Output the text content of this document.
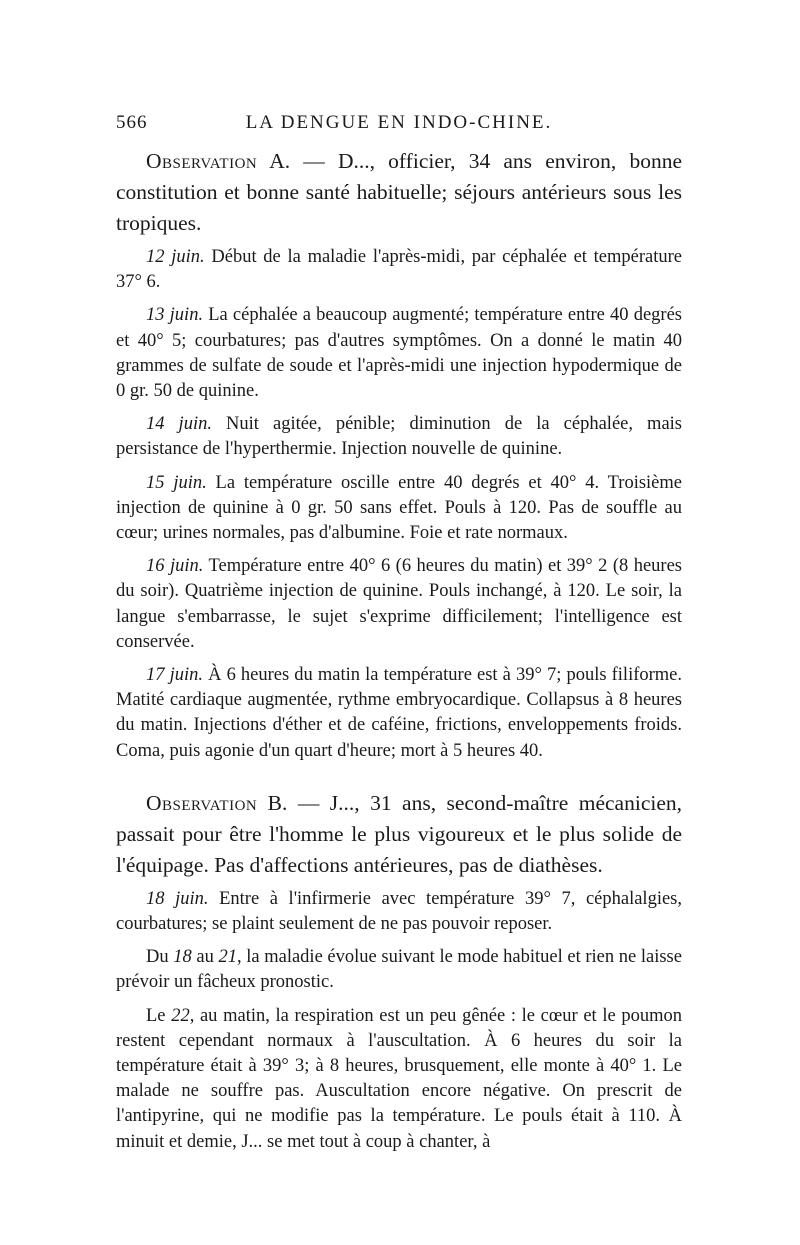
566	LA DENGUE EN INDO-CHINE.

Observation A. — D..., officier, 34 ans environ, bonne constitution et bonne santé habituelle; séjours antérieurs sous les tropiques.

12 juin. Début de la maladie l'après-midi, par céphalée et température 37° 6.

13 juin. La céphalée a beaucoup augmenté; température entre 40 degrés et 40° 5; courbatures; pas d'autres symptômes. On a donné le matin 40 grammes de sulfate de soude et l'après-midi une injection hypodermique de 0 gr. 50 de quinine.

14 juin. Nuit agitée, pénible; diminution de la céphalée, mais persistance de l'hyperthermie. Injection nouvelle de quinine.

15 juin. La température oscille entre 40 degrés et 40° 4. Troisième injection de quinine à 0 gr. 50 sans effet. Pouls à 120. Pas de souffle au cœur; urines normales, pas d'albumine. Foie et rate normaux.

16 juin. Température entre 40° 6 (6 heures du matin) et 39° 2 (8 heures du soir). Quatrième injection de quinine. Pouls inchangé, à 120. Le soir, la langue s'embarrasse, le sujet s'exprime difficilement; l'intelligence est conservée.

17 juin. À 6 heures du matin la température est à 39° 7; pouls filiforme. Matité cardiaque augmentée, rythme embryocardique. Collapsus à 8 heures du matin. Injections d'éther et de caféine, frictions, enveloppements froids. Coma, puis agonie d'un quart d'heure; mort à 5 heures 40.

Observation B. — J..., 31 ans, second-maître mécanicien, passait pour être l'homme le plus vigoureux et le plus solide de l'équipage. Pas d'affections antérieures, pas de diathèses.

18 juin. Entre à l'infirmerie avec température 39° 7, céphalalgies, courbatures; se plaint seulement de ne pas pouvoir reposer.

Du 18 au 21, la maladie évolue suivant le mode habituel et rien ne laisse prévoir un fâcheux pronostic.

Le 22, au matin, la respiration est un peu gênée : le cœur et le poumon restent cependant normaux à l'auscultation. À 6 heures du soir la température était à 39° 3; à 8 heures, brusquement, elle monte à 40° 1. Le malade ne souffre pas. Auscultation encore négative. On prescrit de l'antipyrine, qui ne modifie pas la température. Le pouls était à 110. À minuit et demie, J... se met tout à coup à chanter, à
